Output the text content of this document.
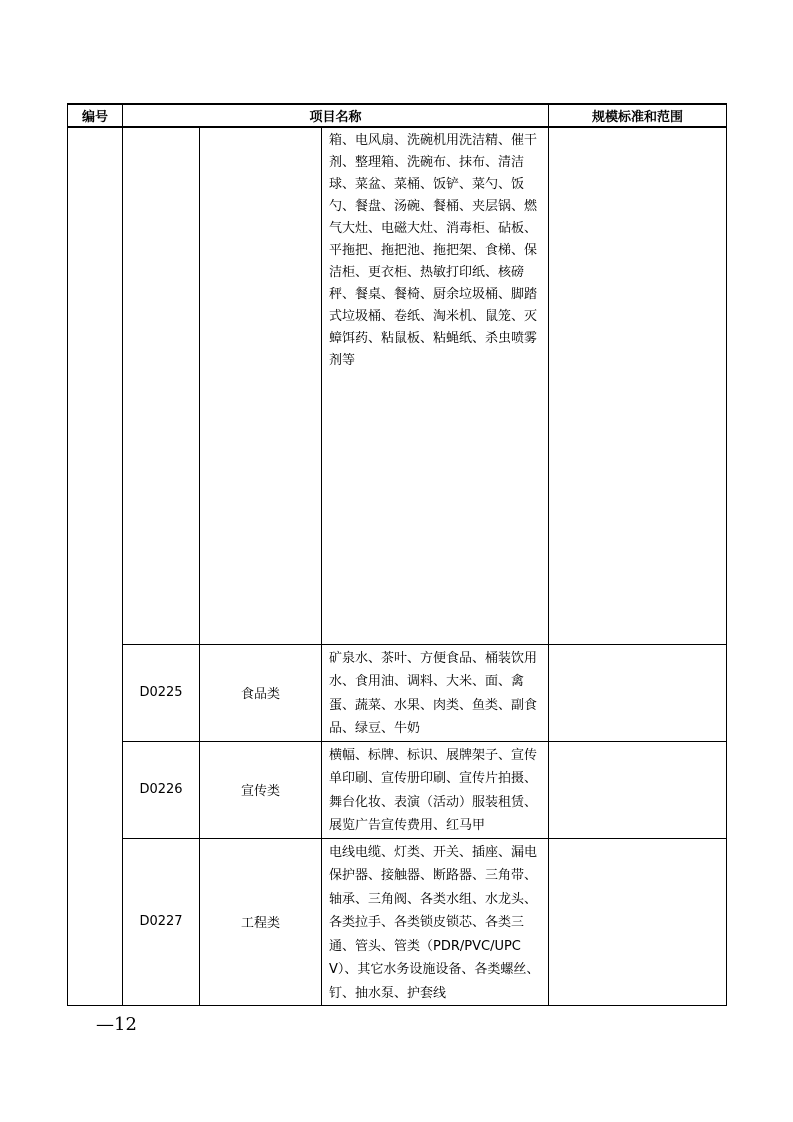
编号	项目名称			规模标准和范围
			箱、电风扇、洗碗机用洗洁精、催干剂、整理箱、洗碗布、抹布、清洁球、菜盆、菜桶、饭铲、菜勺、饭勺、餐盘、汤碗、餐桶、夹层锅、燃气大灶、电磁大灶、消毒柜、砧板、平拖把、拖把池、拖把架、食梯、保洁柜、更衣柜、热敏打印纸、核磅秤、餐桌、餐椅、厨余垃圾桶、脚踏式垃圾桶、卷纸、淘米机、鼠笼、灭蟑饵药、粘鼠板、粘蝇纸、杀虫喷雾剂等	
	D0225	食品类	矿泉水、茶叶、方便食品、桶装饮用水、食用油、调料、大米、面、禽蛋、蔬菜、水果、肉类、鱼类、副食品、绿豆、牛奶	
	D0226	宣传类	横幅、标牌、标识、展牌架子、宣传单印刷、宣传册印刷、宣传片拍摄、舞台化妆、表演（活动）服装租赁、展览广告宣传费用、红马甲	
	D0227	工程类	电线电缆、灯类、开关、插座、漏电保护器、接触器、断路器、三角带、轴承、三角阀、各类水组、水龙头、各类拉手、各类锁皮锁芯、各类三通、管头、管类（PDR/PVC/UPCV）、其它水务设施设备、各类螺丝、钉、抽水泵、护套线	
—12
